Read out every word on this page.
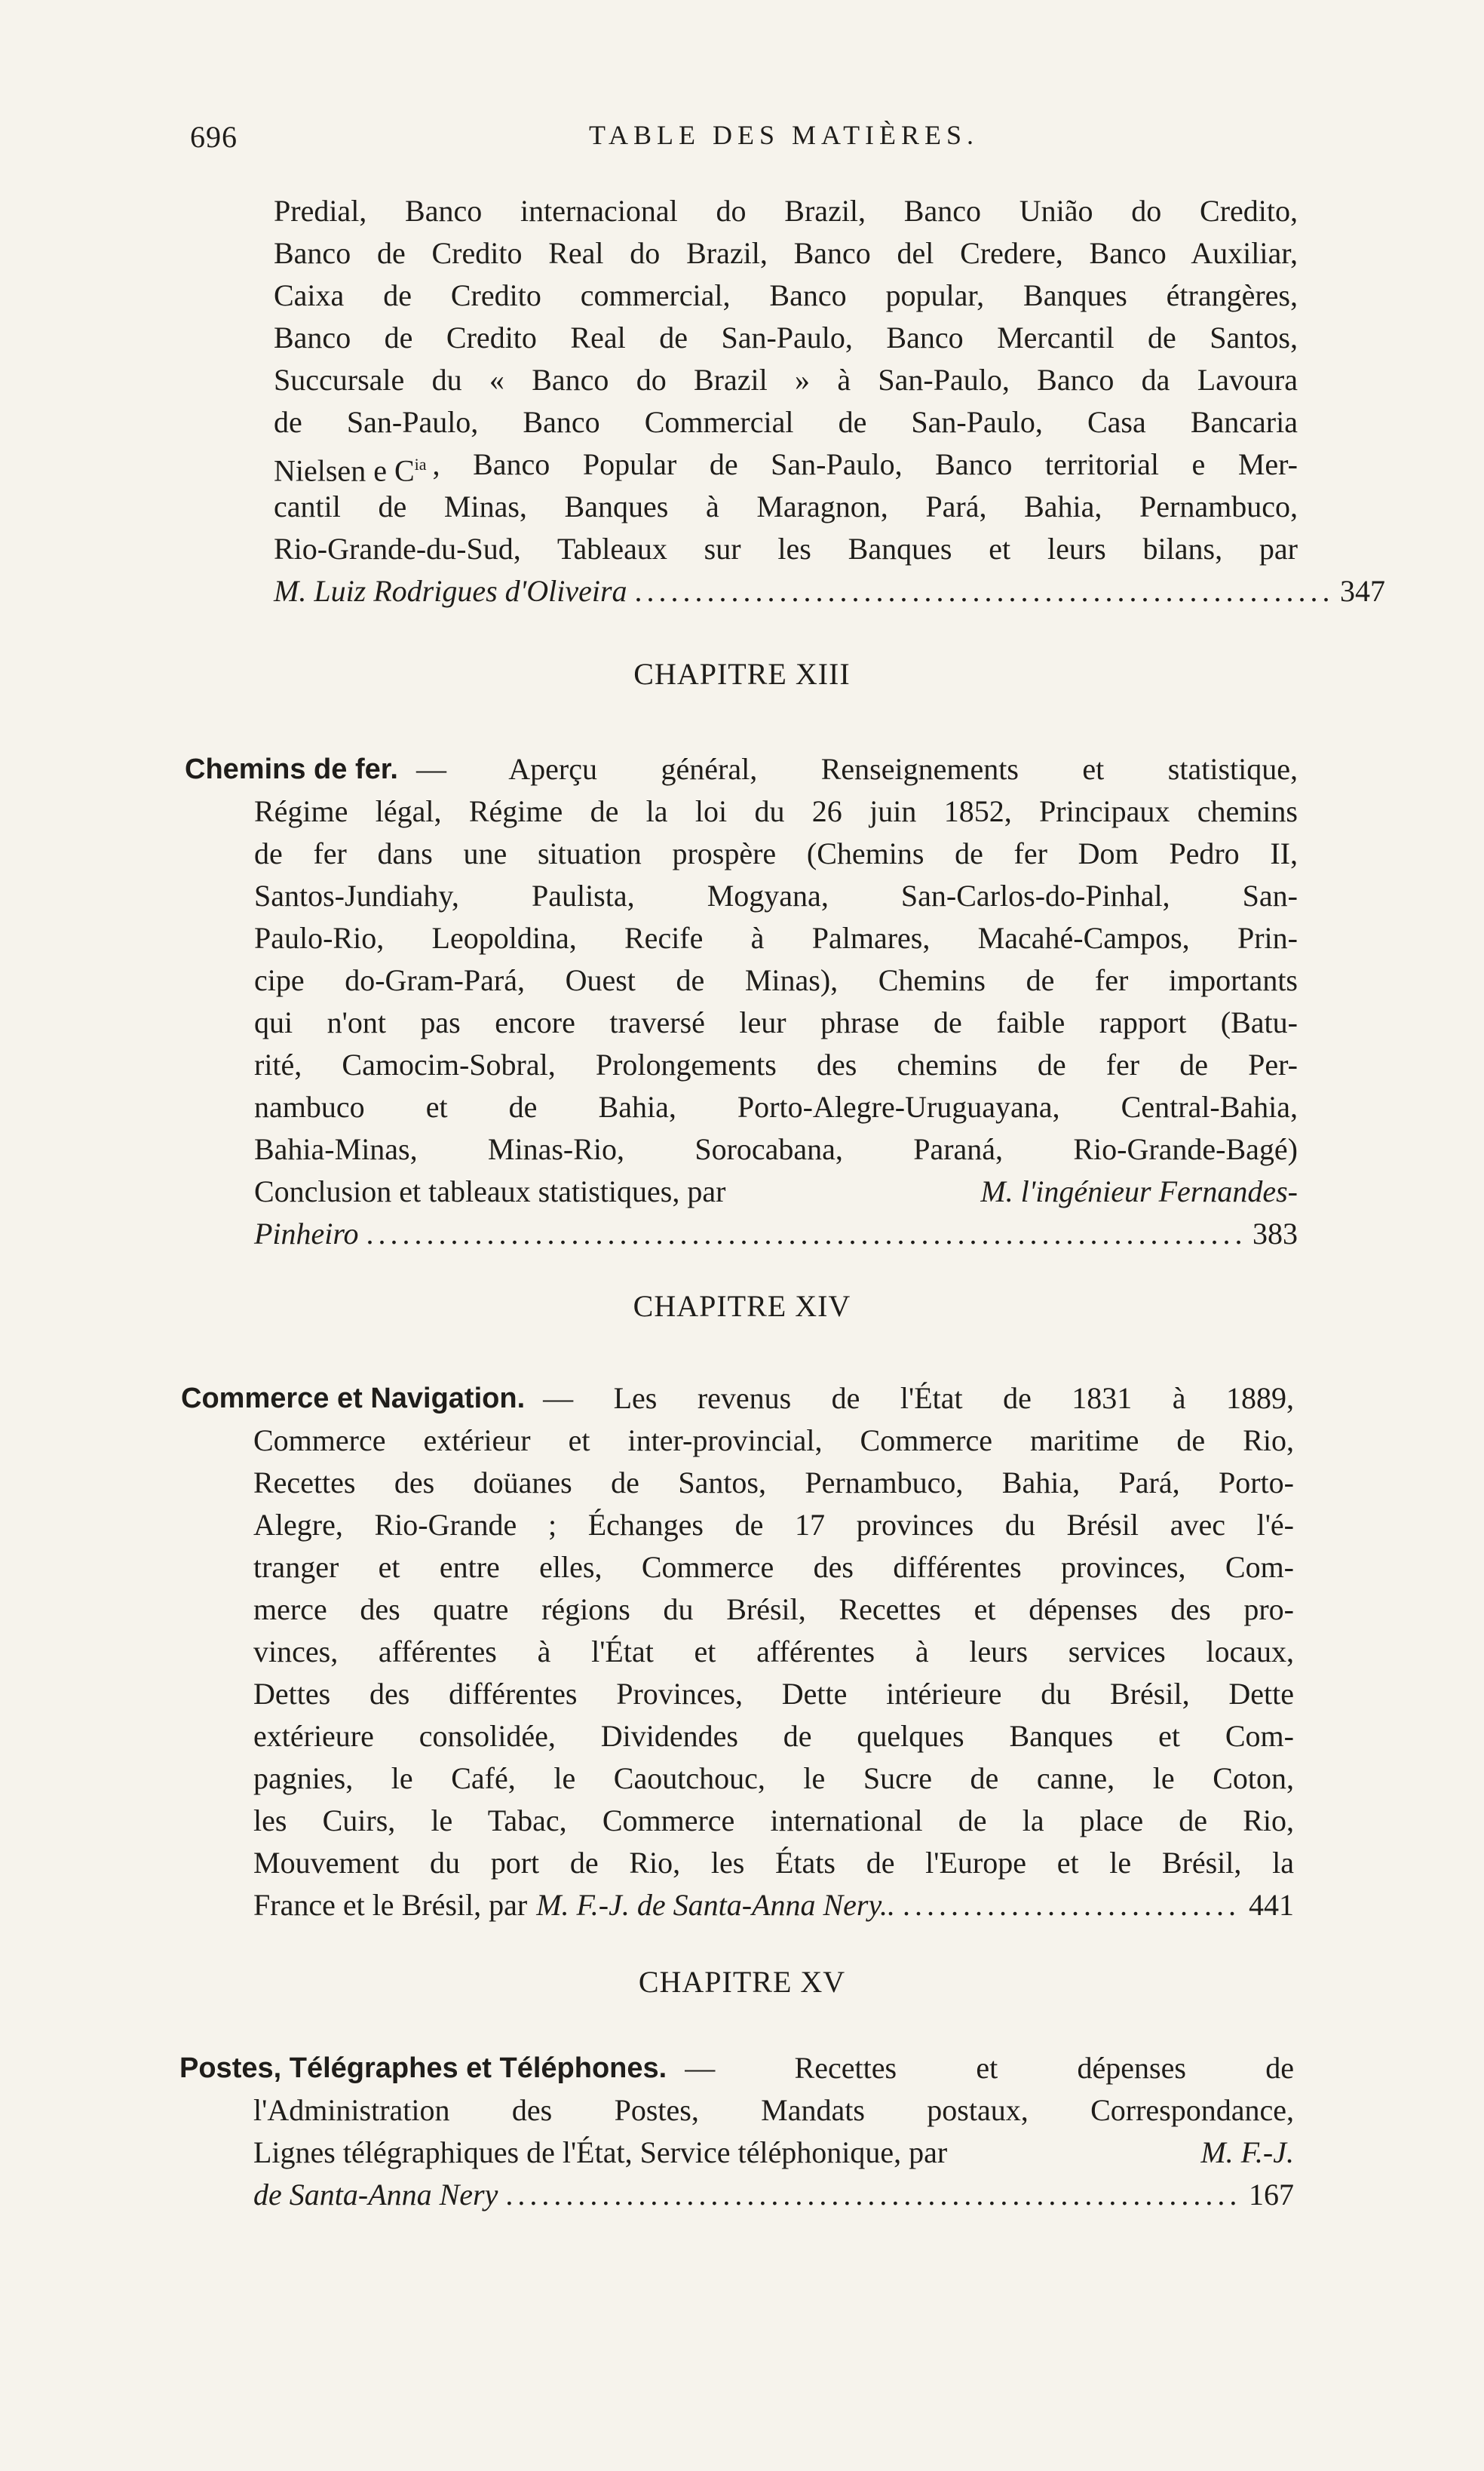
696	TABLE DES MATIÈRES.
Predial, Banco internacional do Brazil, Banco União do Credito,
Banco de Credito Real do Brazil, Banco del Credere, Banco Auxiliar,
Caixa de Credito commercial, Banco popular, Banques étrangères,
Banco de Credito Real de San-Paulo, Banco Mercantil de Santos,
Succursale du « Banco do Brazil » à San-Paulo, Banco da Lavoura
de San-Paulo, Banco Commercial de San-Paulo, Casa Bancaria
Nielsen e $C^{ia}$ , Banco Popular de San-Paulo, Banco territorial e Mer-
cantil de Minas, Banques à Maragnon, Pará, Bahia, Pernambuco,
Rio-Grande-du-Sud, Tableaux sur les Banques et leurs bilans, par
M. Luiz Rodrigues d'Oliveira .....	347
CHAPITRE XIII
Chemins de fer. — Aperçu général, Renseignements et statistique,
Régime légal, Régime de la loi du 26 juin 1852, Principaux chemins
de fer dans une situation prospère (Chemins de fer Dom Pedro II,
Santos-Jundiahy, Paulista, Mogyana, San-Carlos-do-Pinhal, San-
Paulo-Rio, Leopoldina, Recife à Palmares, Macahé-Campos, Prin-
cipe do-Gram-Pará, Ouest de Minas), Chemins de fer importants
qui n'ont pas encore traversé leur phrase de faible rapport (Batu-
rité, Camocim-Sobral, Prolongements des chemins de fer de Per-
nambuco et de Bahia, Porto-Alegre-Uruguayana, Central-Bahia,
Bahia-Minas, Minas-Rio, Sorocabana, Paraná, Rio-Grande-Bagé)
Conclusion et tableaux statistiques, par	M. l'ingénieur Fernandes-
Pinheiro .....	383
CHAPITRE XIV
Commerce et Navigation. — Les revenus de l'État de 1831 à 1889,
Commerce extérieur et inter-provincial, Commerce maritime de Rio,
Recettes des doüanes de Santos, Pernambuco, Bahia, Pará, Porto-
Alegre, Rio-Grande ; Échanges de 17 provinces du Brésil avec l'é-
tranger et entre elles, Commerce des différentes provinces, Com-
merce des quatre régions du Brésil, Recettes et dépenses des pro-
vinces, afférentes à l'État et afférentes à leurs services locaux,
Dettes des différentes Provinces, Dette intérieure du Brésil, Dette
extérieure consolidée, Dividendes de quelques Banques et Com-
pagnies, le Café, le Caoutchouc, le Sucre de canne, le Coton,
les Cuirs, le Tabac, Commerce international de la place de Rio,
Mouvement du port de Rio, les États de l'Europe et le Brésil, la
France et le Brésil, par M. F.-J. de Santa-Anna Nery.. .....	441
CHAPITRE XV
Postes, Télégraphes et Téléphones. — Recettes et dépenses de
l'Administration des Postes, Mandats postaux, Correspondance,
Lignes télégraphiques de l'État, Service téléphonique, par	M. F.-J.
de Santa-Anna Nery .....	167
